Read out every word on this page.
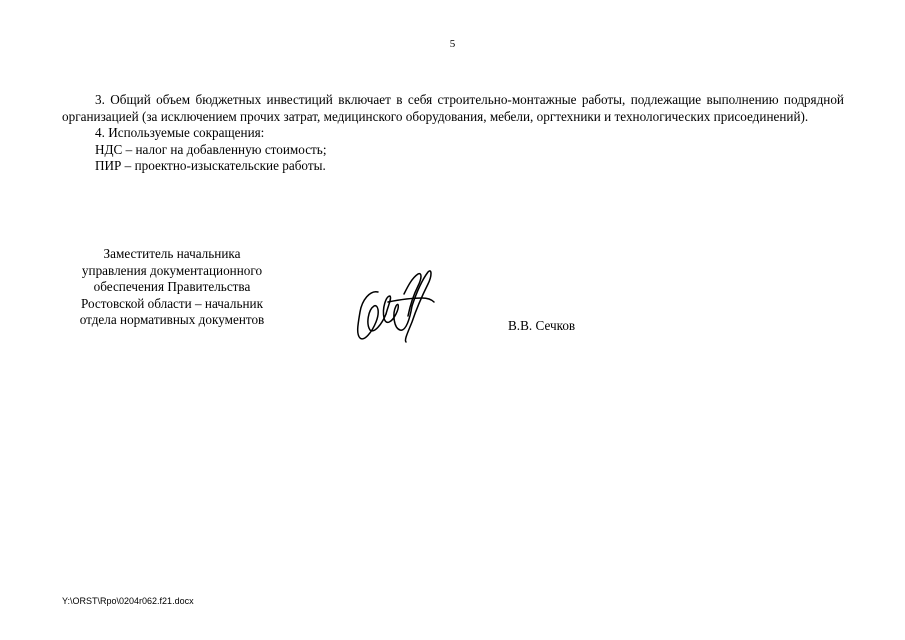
5

3. Общий объем бюджетных инвестиций включает в себя строительно-монтажные работы, подлежащие выполнению подрядной организацией (за исключением прочих затрат, медицинского оборудования, мебели, оргтехники и технологических присоединений).

4. Используемые сокращения:

НДС – налог на добавленную стоимость;

ПИР – проектно-изыскательские работы.

Заместитель начальника
управления документационного
обеспечения Правительства
Ростовской области – начальник
отдела нормативных документов	В.В. Сечков
Y:\ORST\Rpo\0204r062.f21.docx
